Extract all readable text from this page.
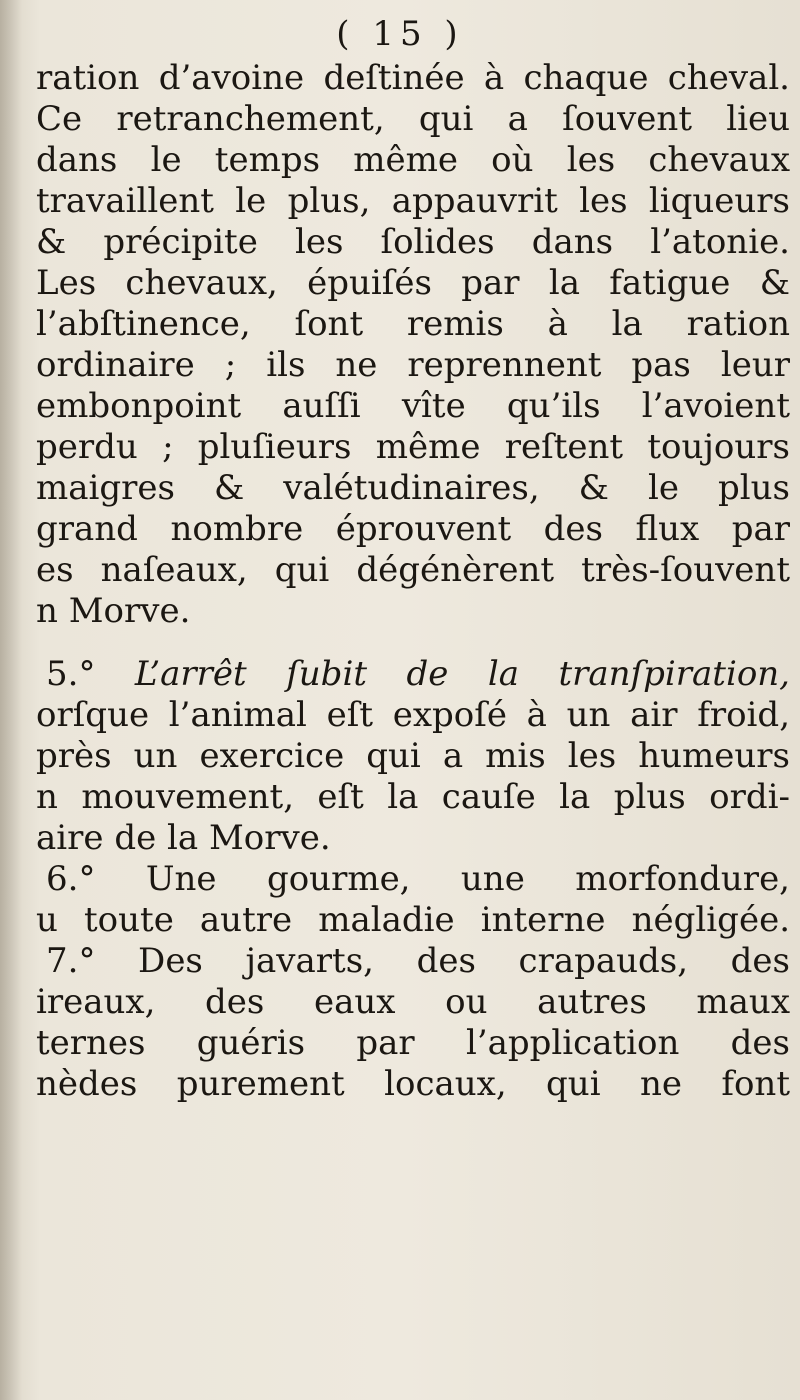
( 15 )

ration d’avoine deſtinée à chaque cheval.

Ce retranchement, qui a ſouvent lieu

dans le temps même où les chevaux

travaillent le plus, appauvrit les liqueurs

& précipite les ſolides dans l’atonie.

Les chevaux, épuiſés par la fatigue &

l’abſtinence, ſont remis à la ration

ordinaire ; ils ne reprennent pas leur

embonpoint auſſi vîte qu’ils l’avoient

perdu ; pluſieurs même reſtent toujours

maigres & valétudinaires, & le plus

grand nombre éprouvent des flux par

es naſeaux, qui dégénèrent très-ſouvent

n Morve.

5.° L’arrêt ſubit de la tranſpiration,

orſque l’animal eſt expoſé à un air froid,

près un exercice qui a mis les humeurs

n mouvement, eſt la cauſe la plus ordi-

aire de la Morve.

6.° Une gourme, une morfondure,

u toute autre maladie interne négligée.

7.° Des javarts, des crapauds, des

ireaux, des eaux ou autres maux

ternes guéris par l’application des

nèdes purement locaux, qui ne font
